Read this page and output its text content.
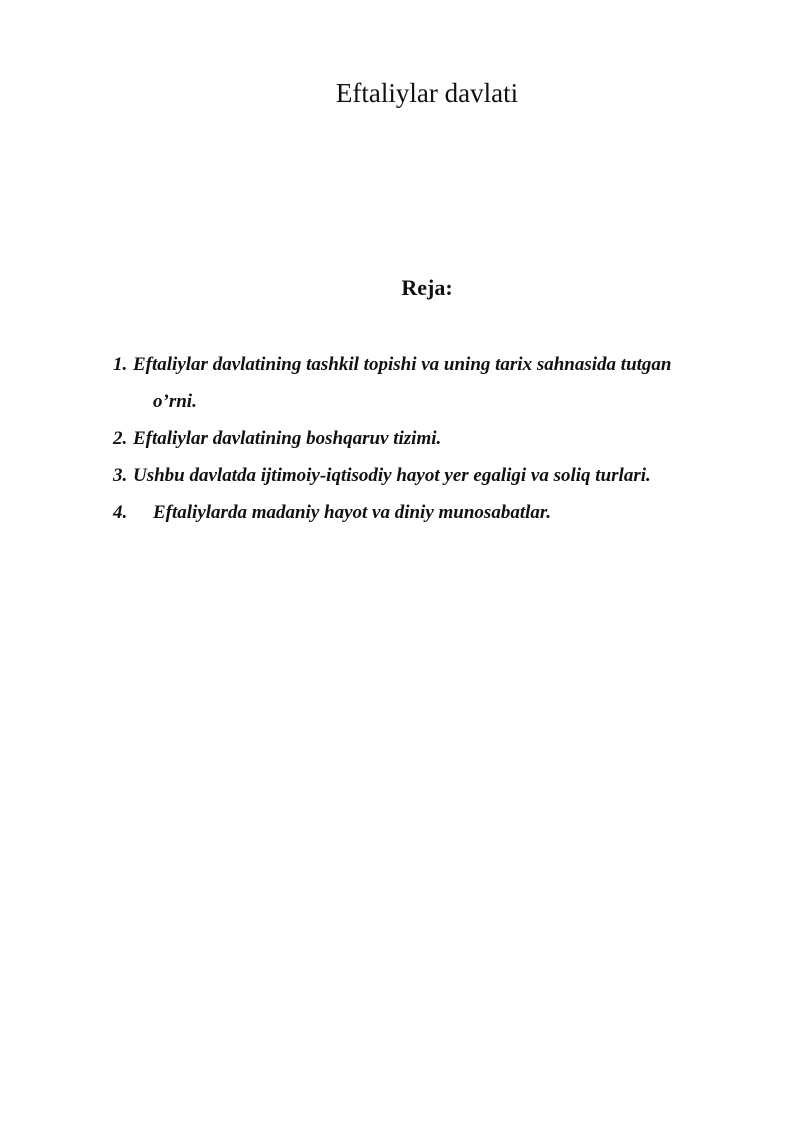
Eftaliylar davlati
Reja:
1. Eftaliylar davlatining tashkil topishi va uning tarix sahnasida tutgan
o’rni.
2. Eftaliylar davlatining boshqaruv tizimi.
3. Ushbu davlatda ijtimoiy-iqtisodiy hayot yer egaligi va soliq turlari.
4. Eftaliylarda madaniy hayot va diniy munosabatlar.
